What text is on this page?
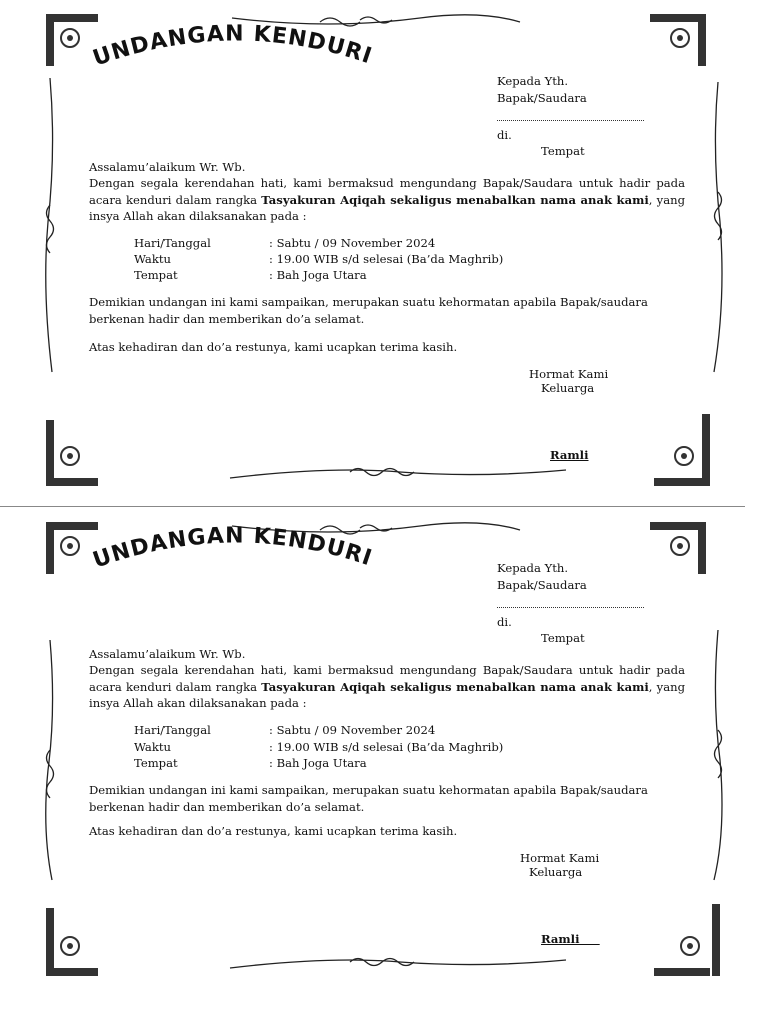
UNDANGAN KENDURI
Kepada Yth.
Bapak/Saudara
di.
Tempat
Assalamu’alaikum Wr. Wb.
Dengan segala kerendahan hati, kami bermaksud mengundang Bapak/Saudara untuk hadir pada acara kenduri dalam rangka Tasyakuran Aqiqah sekaligus menabalkan nama anak kami, yang insya Allah akan dilaksanakan pada :
Hari/Tanggal	: Sabtu / 09 November 2024
Waktu	: 19.00 WIB s/d selesai (Ba’da Maghrib)
Tempat	: Bah Joga Utara
Demikian undangan ini kami sampaikan, merupakan suatu kehormatan apabila Bapak/saudara berkenan hadir dan memberikan do’a selamat.
Atas kehadiran dan do’a restunya, kami ucapkan terima kasih.
Hormat Kami
Keluarga
Ramli
UNDANGAN KENDURI	Kepada Yth.
Bapak/Saudara
di.
Tempat
Assalamu’alaikum Wr. Wb.
Dengan segala kerendahan hati, kami bermaksud mengundang Bapak/Saudara untuk hadir pada acara kenduri dalam rangka Tasyakuran Aqiqah sekaligus menabalkan nama anak kami, yang insya Allah akan dilaksanakan pada :
Hari/Tanggal	: Sabtu / 09 November 2024
Waktu	: 19.00 WIB s/d selesai (Ba’da Maghrib)
Tempat	: Bah Joga Utara
Demikian undangan ini kami sampaikan, merupakan suatu kehormatan apabila Bapak/saudara berkenan hadir dan memberikan do’a selamat.
Atas kehadiran dan do’a restunya, kami ucapkan terima kasih.
Hormat Kami
Keluarga
Ramli
